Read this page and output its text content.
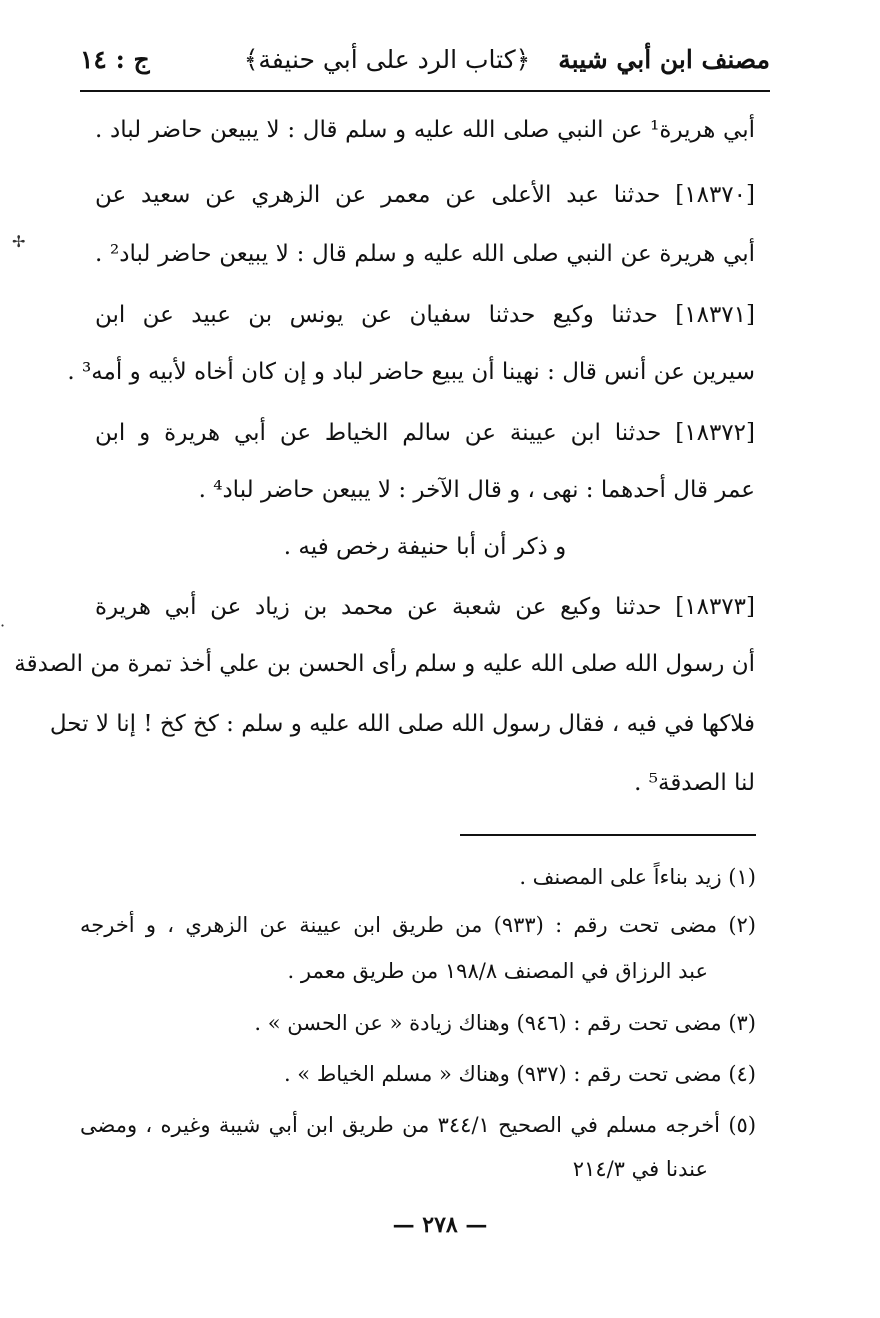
مصنف ابن أبي شيبة
﴿كتاب الرد على أبي حنيفة﴾
ج : ١٤
أبي هريرة¹ عن النبي صلى الله عليه و سلم قال : لا يبيعن حاضر لباد .
[١٨٣٧٠] حدثنا عبد الأعلى عن معمر عن الزهري عن سعيد عن
أبي هريرة عن النبي صلى الله عليه و سلم قال : لا يبيعن حاضر لباد² .
[١٨٣٧١] حدثنا وكيع حدثنا سفيان عن يونس بن عبيد عن ابن
سيرين عن أنس قال : نهينا أن يبيع حاضر لباد و إن كان أخاه لأبيه و أمه³ .
[١٨٣٧٢] حدثنا ابن عيينة عن سالم الخياط عن أبي هريرة و ابن
عمر قال أحدهما : نهى ، و قال الآخر : لا يبيعن حاضر لباد⁴ .
و ذكر أن أبا حنيفة رخص فيه .
[١٨٣٧٣] حدثنا وكيع عن شعبة عن محمد بن زياد عن أبي هريرة
أن رسول الله صلى الله عليه و سلم رأى الحسن بن علي أخذ تمرة من الصدقة
فلاكها في فيه ، فقال رسول الله صلى الله عليه و سلم : كخ كخ ! إنا لا تحل
لنا الصدقة⁵ .
(١) زيد بناءاً على المصنف .
(٢) مضى تحت رقم : (٩٣٣) من طريق ابن عيينة عن الزهري ، و أخرجه
عبد الرزاق في المصنف ١٩٨/٨ من طريق معمر .
(٣) مضى تحت رقم : (٩٤٦) وهناك زيادة « عن الحسن » .
(٤) مضى تحت رقم : (٩٣٧) وهناك « مسلم الخياط » .
(٥) أخرجه مسلم في الصحيح ٣٤٤/١ من طريق ابن أبي شيبة وغيره ، ومضى
عندنا في ٢١٤/٣
— ٢٧٨ —
✢
·
